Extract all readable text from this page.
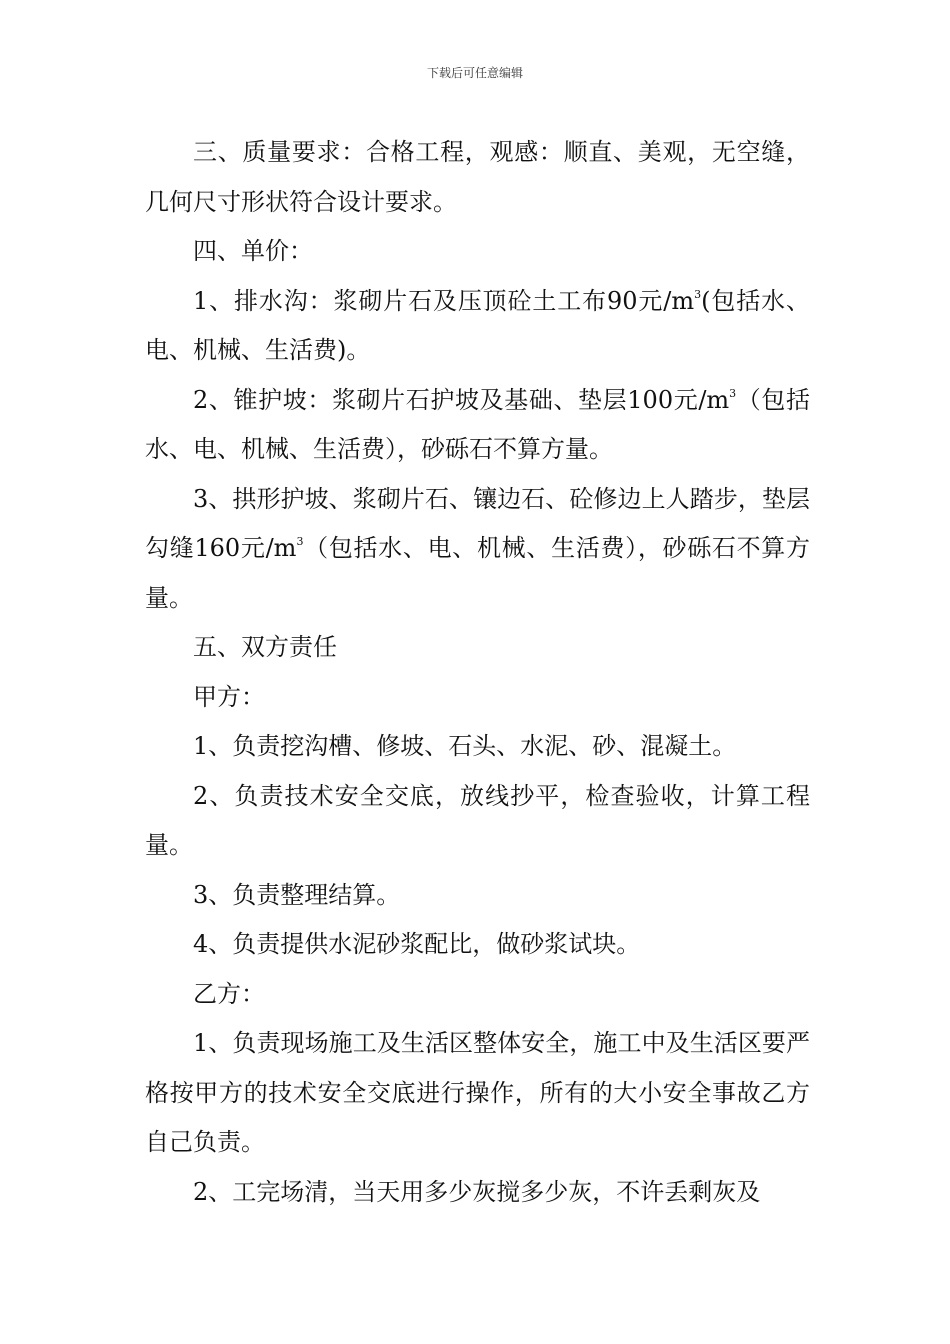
下载后可任意编辑

三、质量要求：合格工程，观感：顺直、美观，无空缝，几何尺寸形状符合设计要求。

四、单价：

1、排水沟：浆砌片石及压顶砼土工布90元$/m^3$(包括水、电、机械、生活费)。

2、锥护坡：浆砌片石护坡及基础、垫层100元$/m^3$（包括水、电、机械、生活费），砂砾石不算方量。

3、拱形护坡、浆砌片石、镶边石、砼修边上人踏步，垫层勾缝160元$/m^3$（包括水、电、机械、生活费），砂砾石不算方量。

五、双方责任

甲方：

1、负责挖沟槽、修坡、石头、水泥、砂、混凝土。

2、负责技术安全交底，放线抄平，检查验收，计算工程量。

3、负责整理结算。

4、负责提供水泥砂浆配比，做砂浆试块。

乙方：

1、负责现场施工及生活区整体安全，施工中及生活区要严格按甲方的技术安全交底进行操作，所有的大小安全事故乙方自己负责。

2、工完场清，当天用多少灰搅多少灰，不许丢剩灰及
